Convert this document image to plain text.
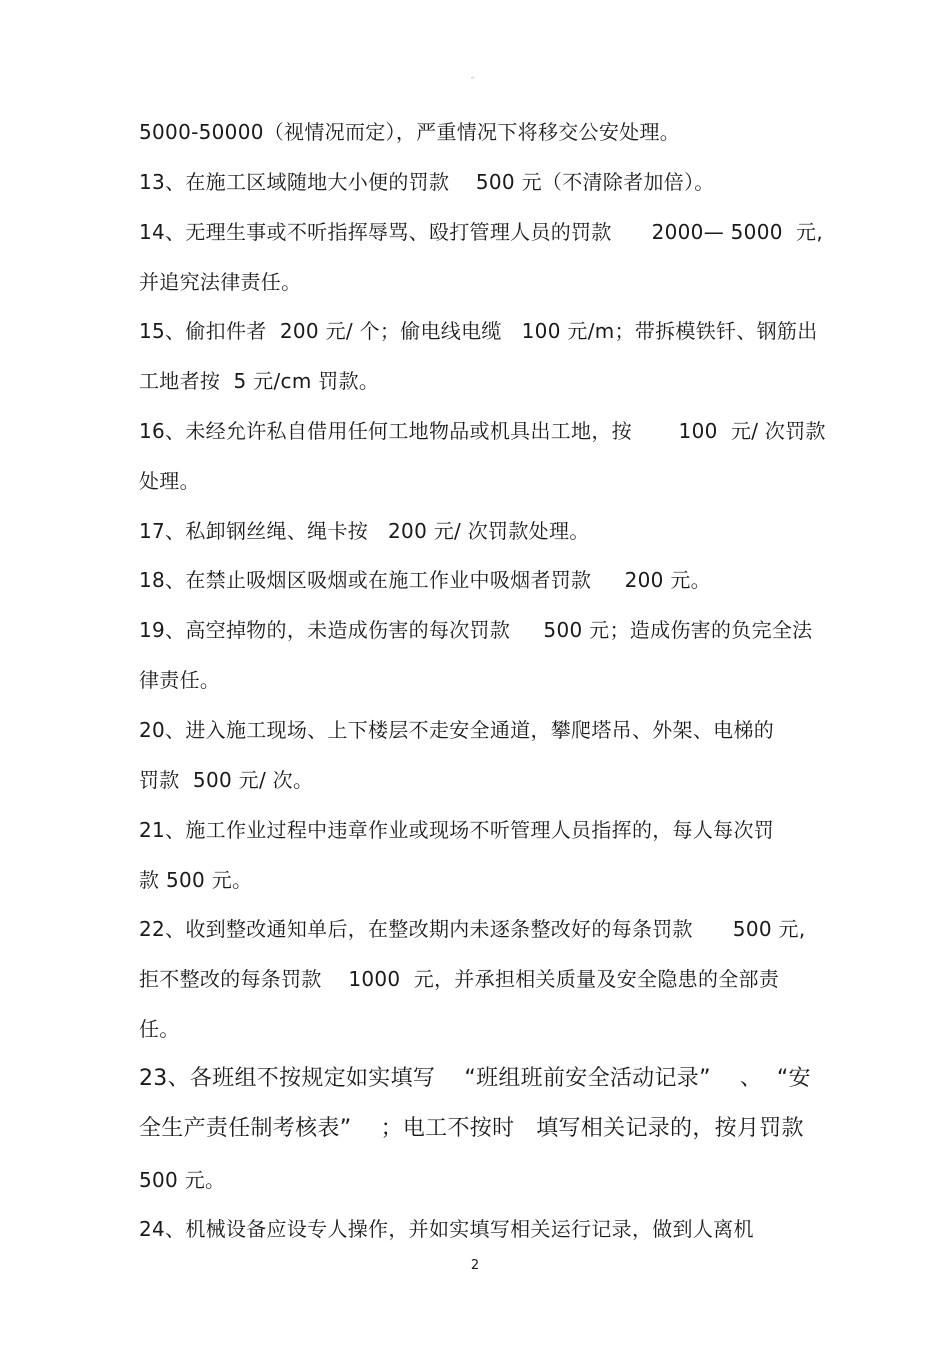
。
5000-50000（视情况而定），严重情况下将移交公安处理。
13、在施工区域随地大小便的罚款    500 元（不清除者加倍）。
14、无理生事或不听指挥辱骂、殴打管理人员的罚款      2000— 5000  元,
并追究法律责任。
15、偷扣件者  200 元/ 个；偷电线电缆   100 元/m；带拆模铁钎、钢筋出
工地者按  5 元/cm 罚款。
16、未经允许私自借用任何工地物品或机具出工地，按       100  元/ 次罚款
处理。
17、私卸钢丝绳、绳卡按   200 元/ 次罚款处理。
18、在禁止吸烟区吸烟或在施工作业中吸烟者罚款     200 元。
19、高空掉物的，未造成伤害的每次罚款     500 元；造成伤害的负完全法
律责任。
20、进入施工现场、上下楼层不走安全通道，攀爬塔吊、外架、电梯的
罚款  500 元/ 次。
21、施工作业过程中违章作业或现场不听管理人员指挥的，每人每次罚
款 500 元。
22、收到整改通知单后，在整改期内未逐条整改好的每条罚款      500 元,
拒不整改的每条罚款    1000  元，并承担相关质量及安全隐患的全部责
任。
23、各班组不按规定如实填写    “班组班前安全活动记录”    、  “安
全生产责任制考核表”    ；电工不按时   填写相关记录的，按月罚款
500 元。
24、机械设备应设专人操作，并如实填写相关运行记录，做到人离机
2
